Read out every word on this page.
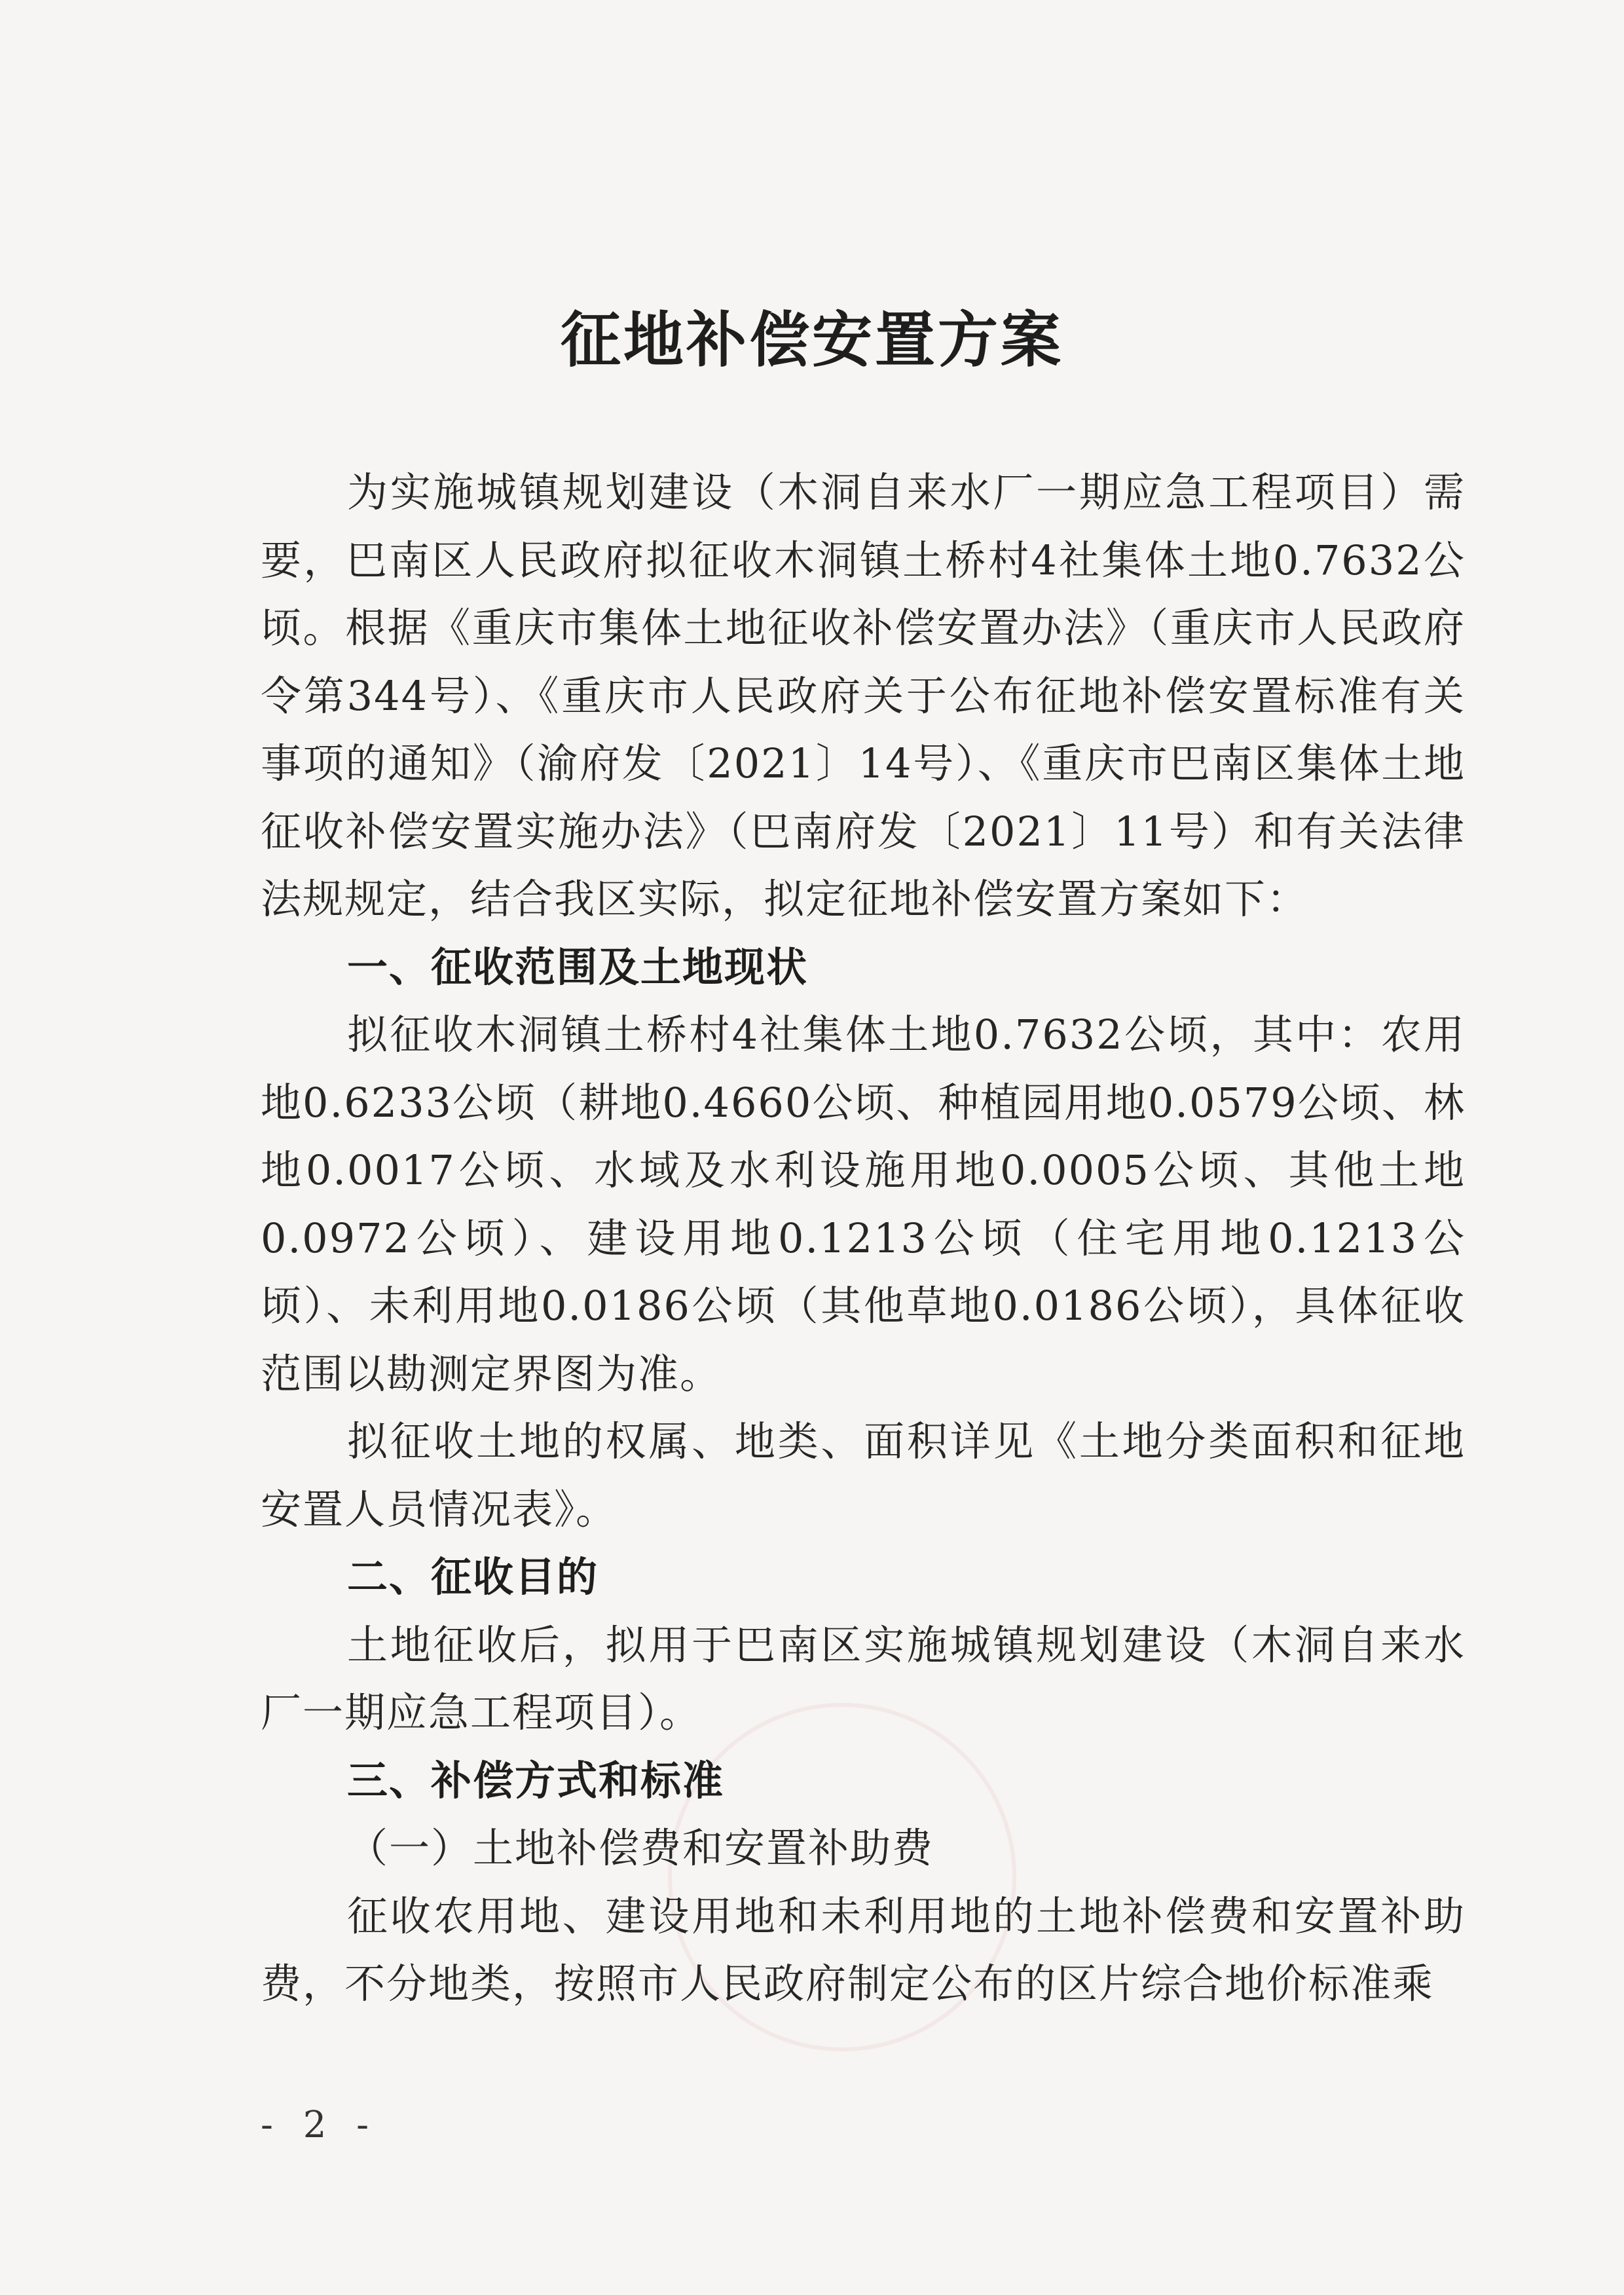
征地补偿安置方案

为实施城镇规划建设（木洞自来水厂一期应急工程项目）需要，巴南区人民政府拟征收木洞镇土桥村4社集体土地0.7632公顷。根据《重庆市集体土地征收补偿安置办法》（重庆市人民政府令第344号）、《重庆市人民政府关于公布征地补偿安置标准有关事项的通知》（渝府发〔2021〕14号）、《重庆市巴南区集体土地征收补偿安置实施办法》（巴南府发〔2021〕11号）和有关法律法规规定，结合我区实际，拟定征地补偿安置方案如下：

一、征收范围及土地现状

拟征收木洞镇土桥村4社集体土地0.7632公顷，其中：农用地0.6233公顷（耕地0.4660公顷、种植园用地0.0579公顷、林地0.0017公顷、水域及水利设施用地0.0005公顷、其他土地0.0972公顷）、建设用地0.1213公顷（住宅用地0.1213公顷）、未利用地0.0186公顷（其他草地0.0186公顷），具体征收范围以勘测定界图为准。

拟征收土地的权属、地类、面积详见《土地分类面积和征地安置人员情况表》。

二、征收目的

土地征收后，拟用于巴南区实施城镇规划建设（木洞自来水厂一期应急工程项目）。

三、补偿方式和标准

（一）土地补偿费和安置补助费

征收农用地、建设用地和未利用地的土地补偿费和安置补助费，不分地类，按照市人民政府制定公布的区片综合地价标准乘

- 2 -
